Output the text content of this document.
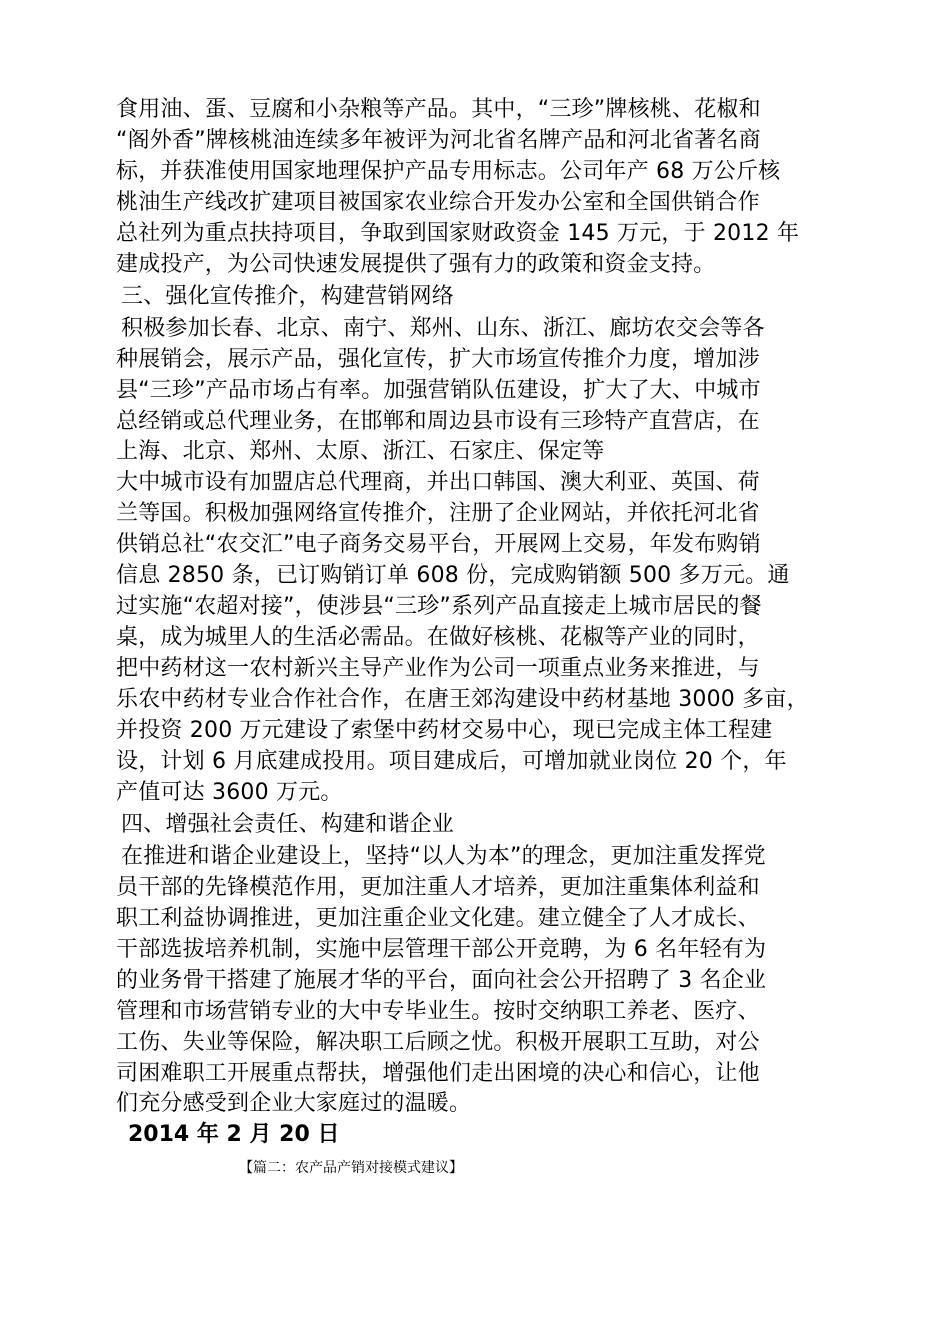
食用油、蛋、豆腐和小杂粮等产品。其中，“三珍”牌核桃、花椒和
“阁外香”牌核桃油连续多年被评为河北省名牌产品和河北省著名商
标，并获准使用国家地理保护产品专用标志。公司年产 68 万公斤核
桃油生产线改扩建项目被国家农业综合开发办公室和全国供销合作
总社列为重点扶持项目，争取到国家财政资金 145 万元，于 2012 年
建成投产，为公司快速发展提供了强有力的政策和资金支持。
三、强化宣传推介，构建营销网络
积极参加长春、北京、南宁、郑州、山东、浙江、廊坊农交会等各
种展销会，展示产品，强化宣传，扩大市场宣传推介力度，增加涉
县“三珍”产品市场占有率。加强营销队伍建设，扩大了大、中城市
总经销或总代理业务，在邯郸和周边县市设有三珍特产直营店，在
上海、北京、郑州、太原、浙江、石家庄、保定等
大中城市设有加盟店总代理商，并出口韩国、澳大利亚、英国、荷
兰等国。积极加强网络宣传推介，注册了企业网站，并依托河北省
供销总社“农交汇”电子商务交易平台，开展网上交易，年发布购销
信息 2850 条，已订购销订单 608 份，完成购销额 500 多万元。通
过实施“农超对接”，使涉县“三珍”系列产品直接走上城市居民的餐
桌，成为城里人的生活必需品。在做好核桃、花椒等产业的同时，
把中药材这一农村新兴主导产业作为公司一项重点业务来推进，与
乐农中药材专业合作社合作，在唐王郊沟建设中药材基地 3000 多亩，
并投资 200 万元建设了索堡中药材交易中心，现已完成主体工程建
设，计划 6 月底建成投用。项目建成后，可增加就业岗位 20 个，年
产值可达 3600 万元。
四、增强社会责任、构建和谐企业
在推进和谐企业建设上，坚持“以人为本”的理念，更加注重发挥党
员干部的先锋模范作用，更加注重人才培养，更加注重集体利益和
职工利益协调推进，更加注重企业文化建。建立健全了人才成长、
干部选拔培养机制，实施中层管理干部公开竞聘，为 6 名年轻有为
的业务骨干搭建了施展才华的平台，面向社会公开招聘了 3 名企业
管理和市场营销专业的大中专毕业生。按时交纳职工养老、医疗、
工伤、失业等保险，解决职工后顾之忧。积极开展职工互助，对公
司困难职工开展重点帮扶，增强他们走出困境的决心和信心，让他
们充分感受到企业大家庭过的温暖。
2014 年 2 月 20 日
【篇二：农产品产销对接模式建议】
